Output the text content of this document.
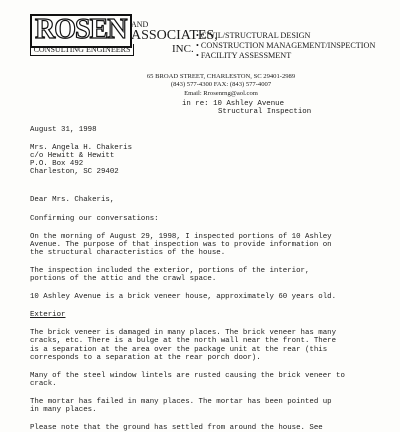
ROSEN
CONSULTING ENGINEERS
AND
ASSOCIATES,
INC.
• CIVIL/STRUCTURAL DESIGN
• CONSTRUCTION MANAGEMENT/INSPECTION
• FACILITY ASSESSMENT
65 BROAD STREET, CHARLESTON, SC 29401-2989
(843) 577-4300 FAX: (843) 577-4007
Email: Rrosenrng@aol.com
in re: 10 Ashley Avenue
Structural Inspection
August 31, 1998
Mrs. Angela H. Chakeris
c/o Hewitt & Hewitt
P.O. Box 492
Charleston, SC 29402
Dear Mrs. Chakeris,
Confirming our conversations:
On the morning of August 29, 1998, I inspected portions of 10 Ashley
Avenue. The purpose of that inspection was to provide information on
the structural characteristics of the house.
The inspection included the exterior, portions of the interior,
portions of the attic and the crawl space.
10 Ashley Avenue is a brick veneer house, approximately 60 years old.
Exterior
The brick veneer is damaged in many places. The brick veneer has many
cracks, etc. There is a bulge at the north wall near the front. There
is a separation at the area over the package unit at the rear (this
corresponds to a separation at the rear porch door).
Many of the steel window lintels are rusted causing the brick veneer to
crack.
The mortar has failed in many places. The mortar has been pointed up
in many places.
Please note that the ground has settled from around the house. See
